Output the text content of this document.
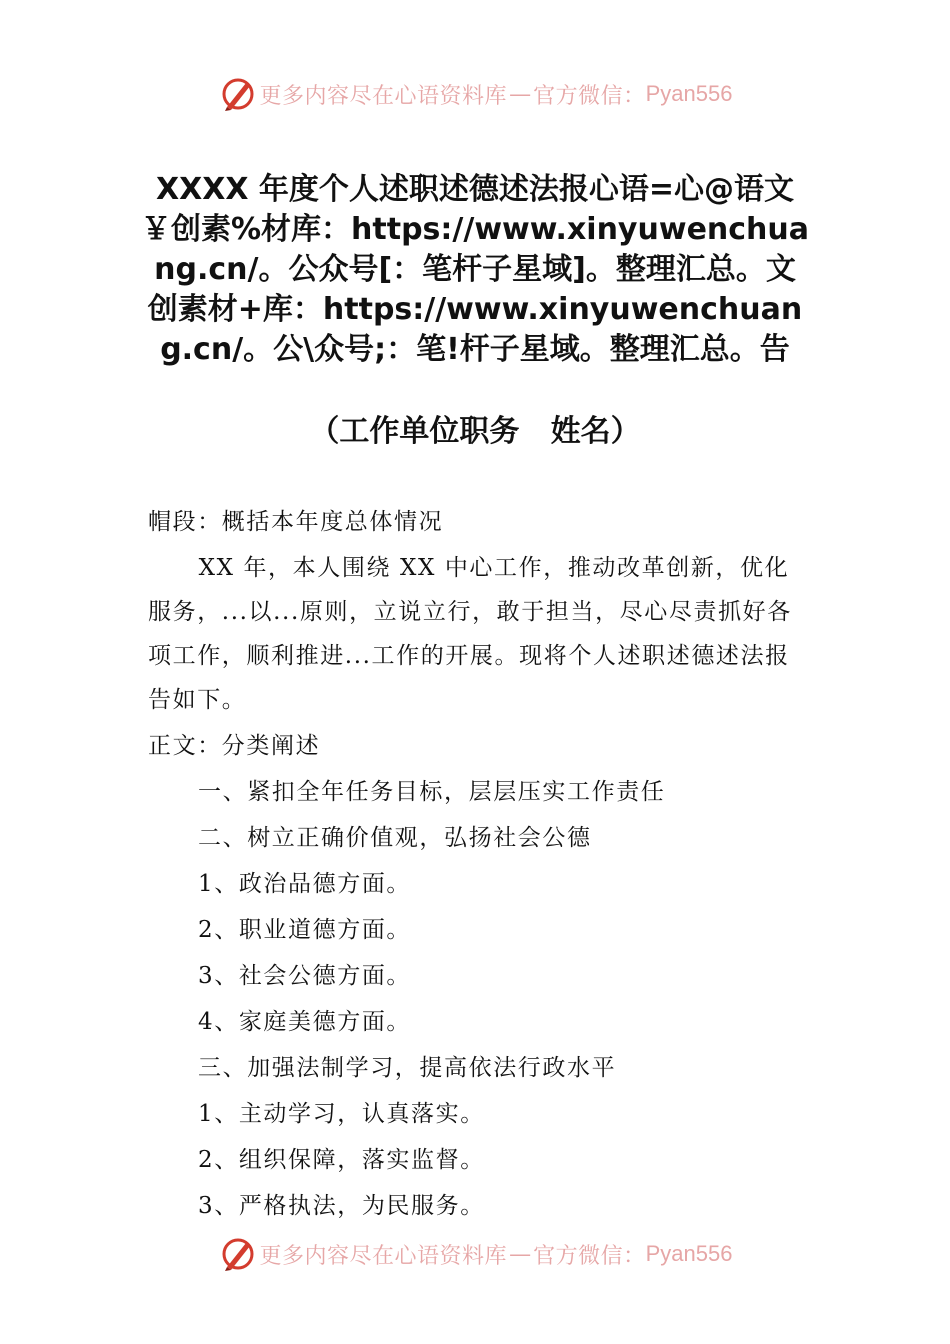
更多内容尽在心语资料库 — 官方微信： Pyan556
XXXX 年度个人述职述德述法报心语=心@语文￥创素%材库：https://www.xinyuwenchuang.cn/。公众号[：笔杆子星域]。整理汇总。文创素材+库：https://www.xinyuwenchuang.cn/。公\众号;：笔!杆子星域。整理汇总。告
（工作单位职务   姓名）

帽段：概括本年度总体情况

XX 年，本人围绕 XX 中心工作，推动改革创新，优化服务，...以...原则，立说立行，敢于担当，尽心尽责抓好各项工作，顺利推进...工作的开展。现将个人述职述德述法报告如下。

正文：分类阐述

一、紧扣全年任务目标，层层压实工作责任

二、树立正确价值观，弘扬社会公德

1、政治品德方面。

2、职业道德方面。

3、社会公德方面。

4、家庭美德方面。

三、加强法制学习，提高依法行政水平

1、主动学习，认真落实。

2、组织保障，落实监督。

3、严格执法，为民服务。

更多内容尽在心语资料库 — 官方微信： Pyan556
